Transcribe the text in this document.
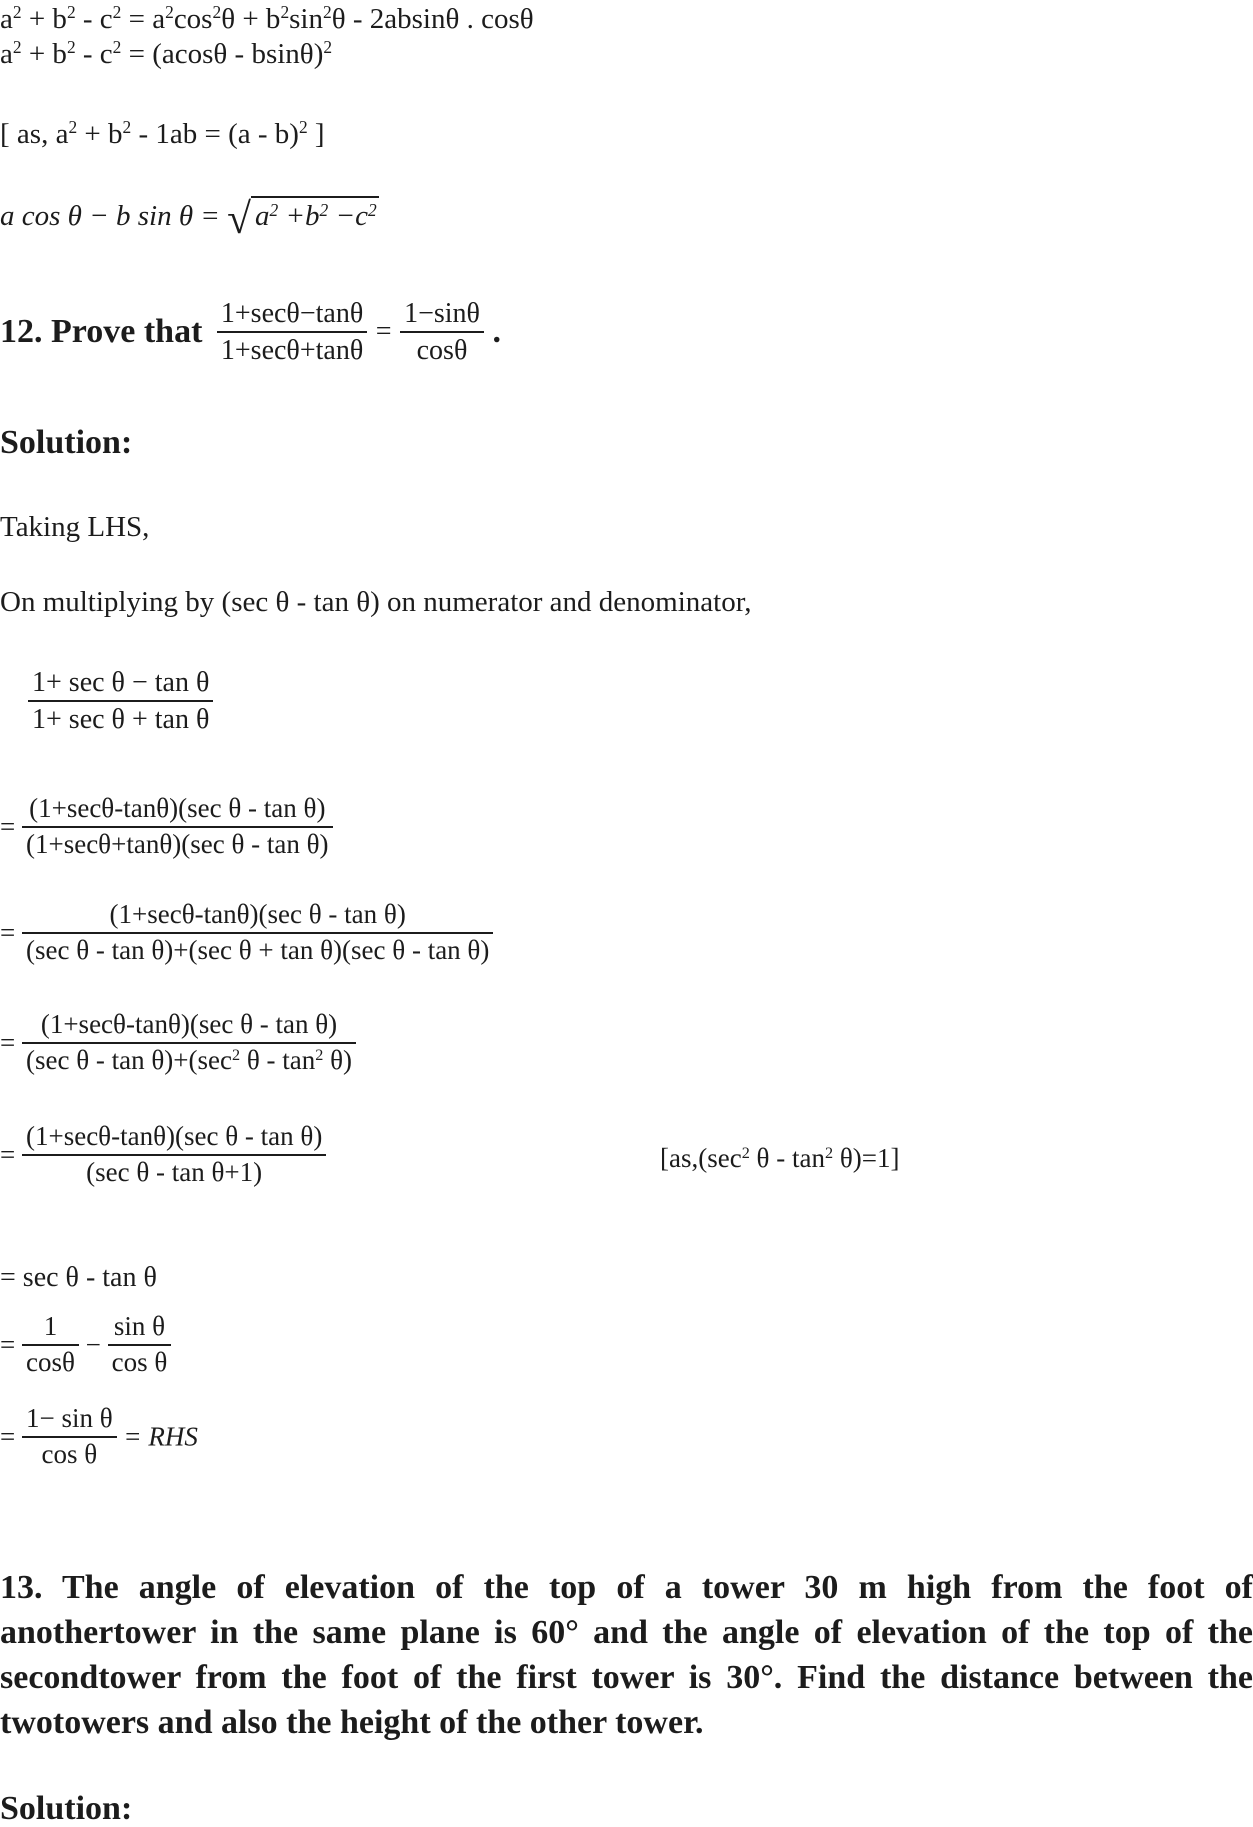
$a^2 + b^2 - c^2 = a^2\cos^2\theta + b^2\sin^2\theta - 2absin\theta$ . cosθ
$a^2 + b^2 - c^2 = (acos\theta - bsin\theta)^2$
[ as, $a^2 + b^2 - 1ab = (a - b)^2$ ]
a cos θ − b sin θ = √ $a^2 +b^2 -c^2$
12. Prove that $\frac{1+\sec\theta-\tan\theta}{1+\sec\theta+\tan\theta} = \frac{1-\sin\theta}{\cos\theta}$ .
Solution:
Taking LHS,
On multiplying by (sec θ - tan θ) on numerator and denominator,
$\frac{\text{1+ sec θ − tan θ}}{\text{1+ sec θ + tan θ}}$
= $\frac{\text{(1+secθ-tanθ)(sec θ - tan θ)}}{\text{(1+secθ+tanθ)(sec θ - tan θ)}}$
= $\frac{\text{(1+secθ-tanθ)(sec θ - tan θ)}}{\text{(sec θ - tan θ)+(sec θ + tan θ)(sec θ - tan θ)}}$
= $\frac{\text{(1+secθ-tanθ)(sec θ - tan θ)}}{(\sec \theta - \tan \theta)+(\sec^2 \theta - \tan^2 \theta)}$
= $\frac{\text{(1+secθ-tanθ)(sec θ - tan θ)}}{\text{(sec θ - tan θ+1)}}$	[$as,(\sec^2$ $\theta - \tan^2 \theta)=1$]
= sec θ - tan θ
= $\frac{1}{\cos\theta} - \frac{\text{sin θ}}{\text{cos θ}}$
= $\frac{\text{1− sin θ}}{\text{cos θ}}$ = RHS
13. The angle of elevation of the top of a tower 30 m high from the foot of anothertower in the same plane is 60° and the angle of elevation of the top of the secondtower from the foot of the first tower is 30°. Find the distance between the twotowers and also the height of the other tower.
Solution:
